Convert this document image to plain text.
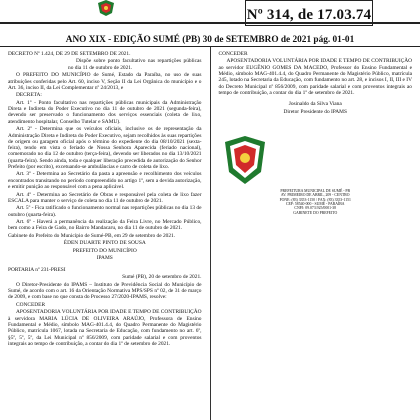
Nº 314, de 17.03.74
ANO XIX - EDIÇÃO SUMÉ (PB) 30 de SETEMBRO de 2021 pág. 01-01

DECRETO Nº 1.424, DE 29 DE SETEMBRO DE 2021.

Dispõe sobre ponto facultativo nas repartições públicas no dia 11 de outubro de 2021.

O PREFEITO DO MUNICÍPIO de Sumé, Estado da Paraíba, no uso de suas atribuições conferidas pelo Art. 60, inciso V, Seção II da Lei Orgânica do município e o Art. 36, inciso II, da Lei Complementar nº 24/2013, e

DECRETA:

Art. 1º - Ponto facultativo nas repartições públicas municipais da Administração Direta e Indireta do Poder Executivo no dia 11 de outubro de 2021 (segunda-feira), devendo ser preservado o funcionamento dos serviços essenciais (coleta de lixo, atendimento hospitalar, Conselho Tutelar e SAMU).

Art. 2º - Determina que os veículos oficiais, inclusive os de representação da Administração Direta e Indireta do Poder Executivo, sejam recolhidos às suas repartições de origem ou garagem oficial após o término do expediente do dia 08/10/2021 (sexta-feira), tendo em vista o feriado de Nossa Senhora Aparecida (feriado nacional), comemorado no dia 12 de outubro (terça-feira), devendo ser liberados no dia 13/10/2021 (quarta-feira). Sendo ainda, toda e qualquer liberação precedida de autorização do Senhor Prefeito (por escrito), excetuando-se ambulâncias e carro de coleta de lixo.

Art. 3º - Determina ao Secretário da pasta a apreensão e recolhimento dos veículos encontrados transitando no período compreendido no artigo 1º, sem a devida autorização, e emitir punição ao responsável com a pena aplicável.

Art. 4º - Determina ao Secretário de Obras e responsável pela coleta de lixo fazer ESCALA para manter o serviço de coleta no dia 11 de outubro de 2021.

Art. 5º - Fica ratificado o funcionamento normal nas repartições públicas no dia 13 de outubro (quarta-feira).

Art. 6º - Haverá a permanência da realização da Feira Livre, no Mercado Público, bem como a Feira de Gado, no Bairro Mandacaru, no dia 11 de outubro de 2021.

Gabinete do Prefeito do Município de Sumé-PB, em 29 de setembro de 2021.

ÉDEN DUARTE PINTO DE SOUSA

PREFEITO DO MUNICÍPIO

IPAMS

PORTARIA nº 231-PRESI

Sumé (PB), 20 de setembro de 2021.

O Diretor-Presidente do IPAMS – Instituto de Previdência Social do Município de Sumé, de acordo com o art. 16 da Orientação Normativa MPS/SPS nº 02, de 31 de março de 2009, e com base no que consta do Processo 27/2020-IPAMS, resolve:

CONCEDER

APOSENTADORIA VOLUNTÁRIA POR IDADE E TEMPO DE CONTRIBUIÇÃO à servidora MARIA LÚCIA DE OLIVEIRA ARAÚJO, Professora de Ensino Fundamental e Médio, símbolo MAG-401.4.4, do Quadro Permanente do Magistério Público, matrícula 1067, lotada na Secretaria de Educação, com fundamento no art. 6º, §5º, 5º, 5º, da Lei Municipal nº 856/2009, com paridade salarial e com proventos integrais ao tempo de contribuição, a contar do dia 1º de setembro de 2021.

CONCEDER

APOSENTADORIA VOLUNTÁRIA POR IDADE E TEMPO DE CONTRIBUIÇÃO ao servidor EUGÊNIO GOMES DA MACEDO, Professor do Ensino Fundamental e Médio, símbolo MAG-401.4.4, do Quadro Permanente do Magistério Público, matrícula 245, lotado na Secretaria da Educação, com fundamento no art. 28, e incisos I, II, III e IV do Decreto Municipal nº 856/2009, com paridade salarial e com proventos integrais ao tempo de contribuição, a contar do dia 1º de setembro de 2021.

Josinaldo da Silva Viana

Diretor Presidente do IPAMS

PREFEITURA MUNICIPAL DE SUMÉ - PB
AV. PRIMEIRO DE ABRIL, 209 - CENTRO
FONE: (83) 3353-1150 / FAX: (83) 3353-1151
CEP: 58540-000 - SUMÉ - PARAÍBA
CNPJ: 09.073.925/0001-38
GABINETE DO PREFEITO
